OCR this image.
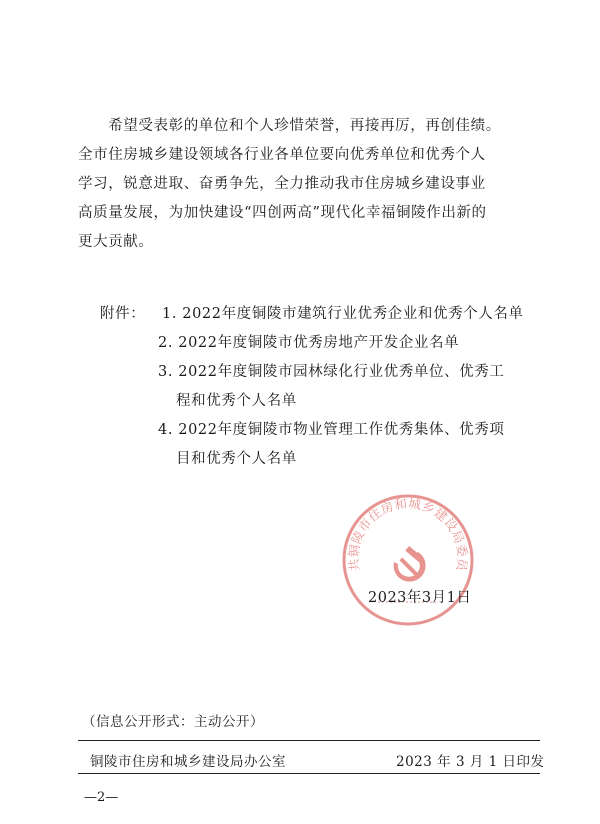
　　希望受表彰的单位和个人珍惜荣誉，再接再厉，再创佳绩。
全市住房城乡建设领域各行业各单位要向优秀单位和优秀个人
学习，锐意进取、奋勇争先，全力推动我市住房城乡建设事业
高质量发展，为加快建设“四创两高”现代化幸福铜陵作出新的
更大贡献。
附件： 1. 2022年度铜陵市建筑行业优秀企业和优秀个人名单
2. 2022年度铜陵市优秀房地产开发企业名单
3. 2022年度铜陵市园林绿化行业优秀单位、优秀工
程和优秀个人名单
4. 2022年度铜陵市物业管理工作优秀集体、优秀项
目和优秀个人名单
共铜陵市住房和城乡建设局委员
2023年3月1日
（信息公开形式：主动公开）
铜陵市住房和城乡建设局办公室	2023 年 3 月 1 日印发
—2—
